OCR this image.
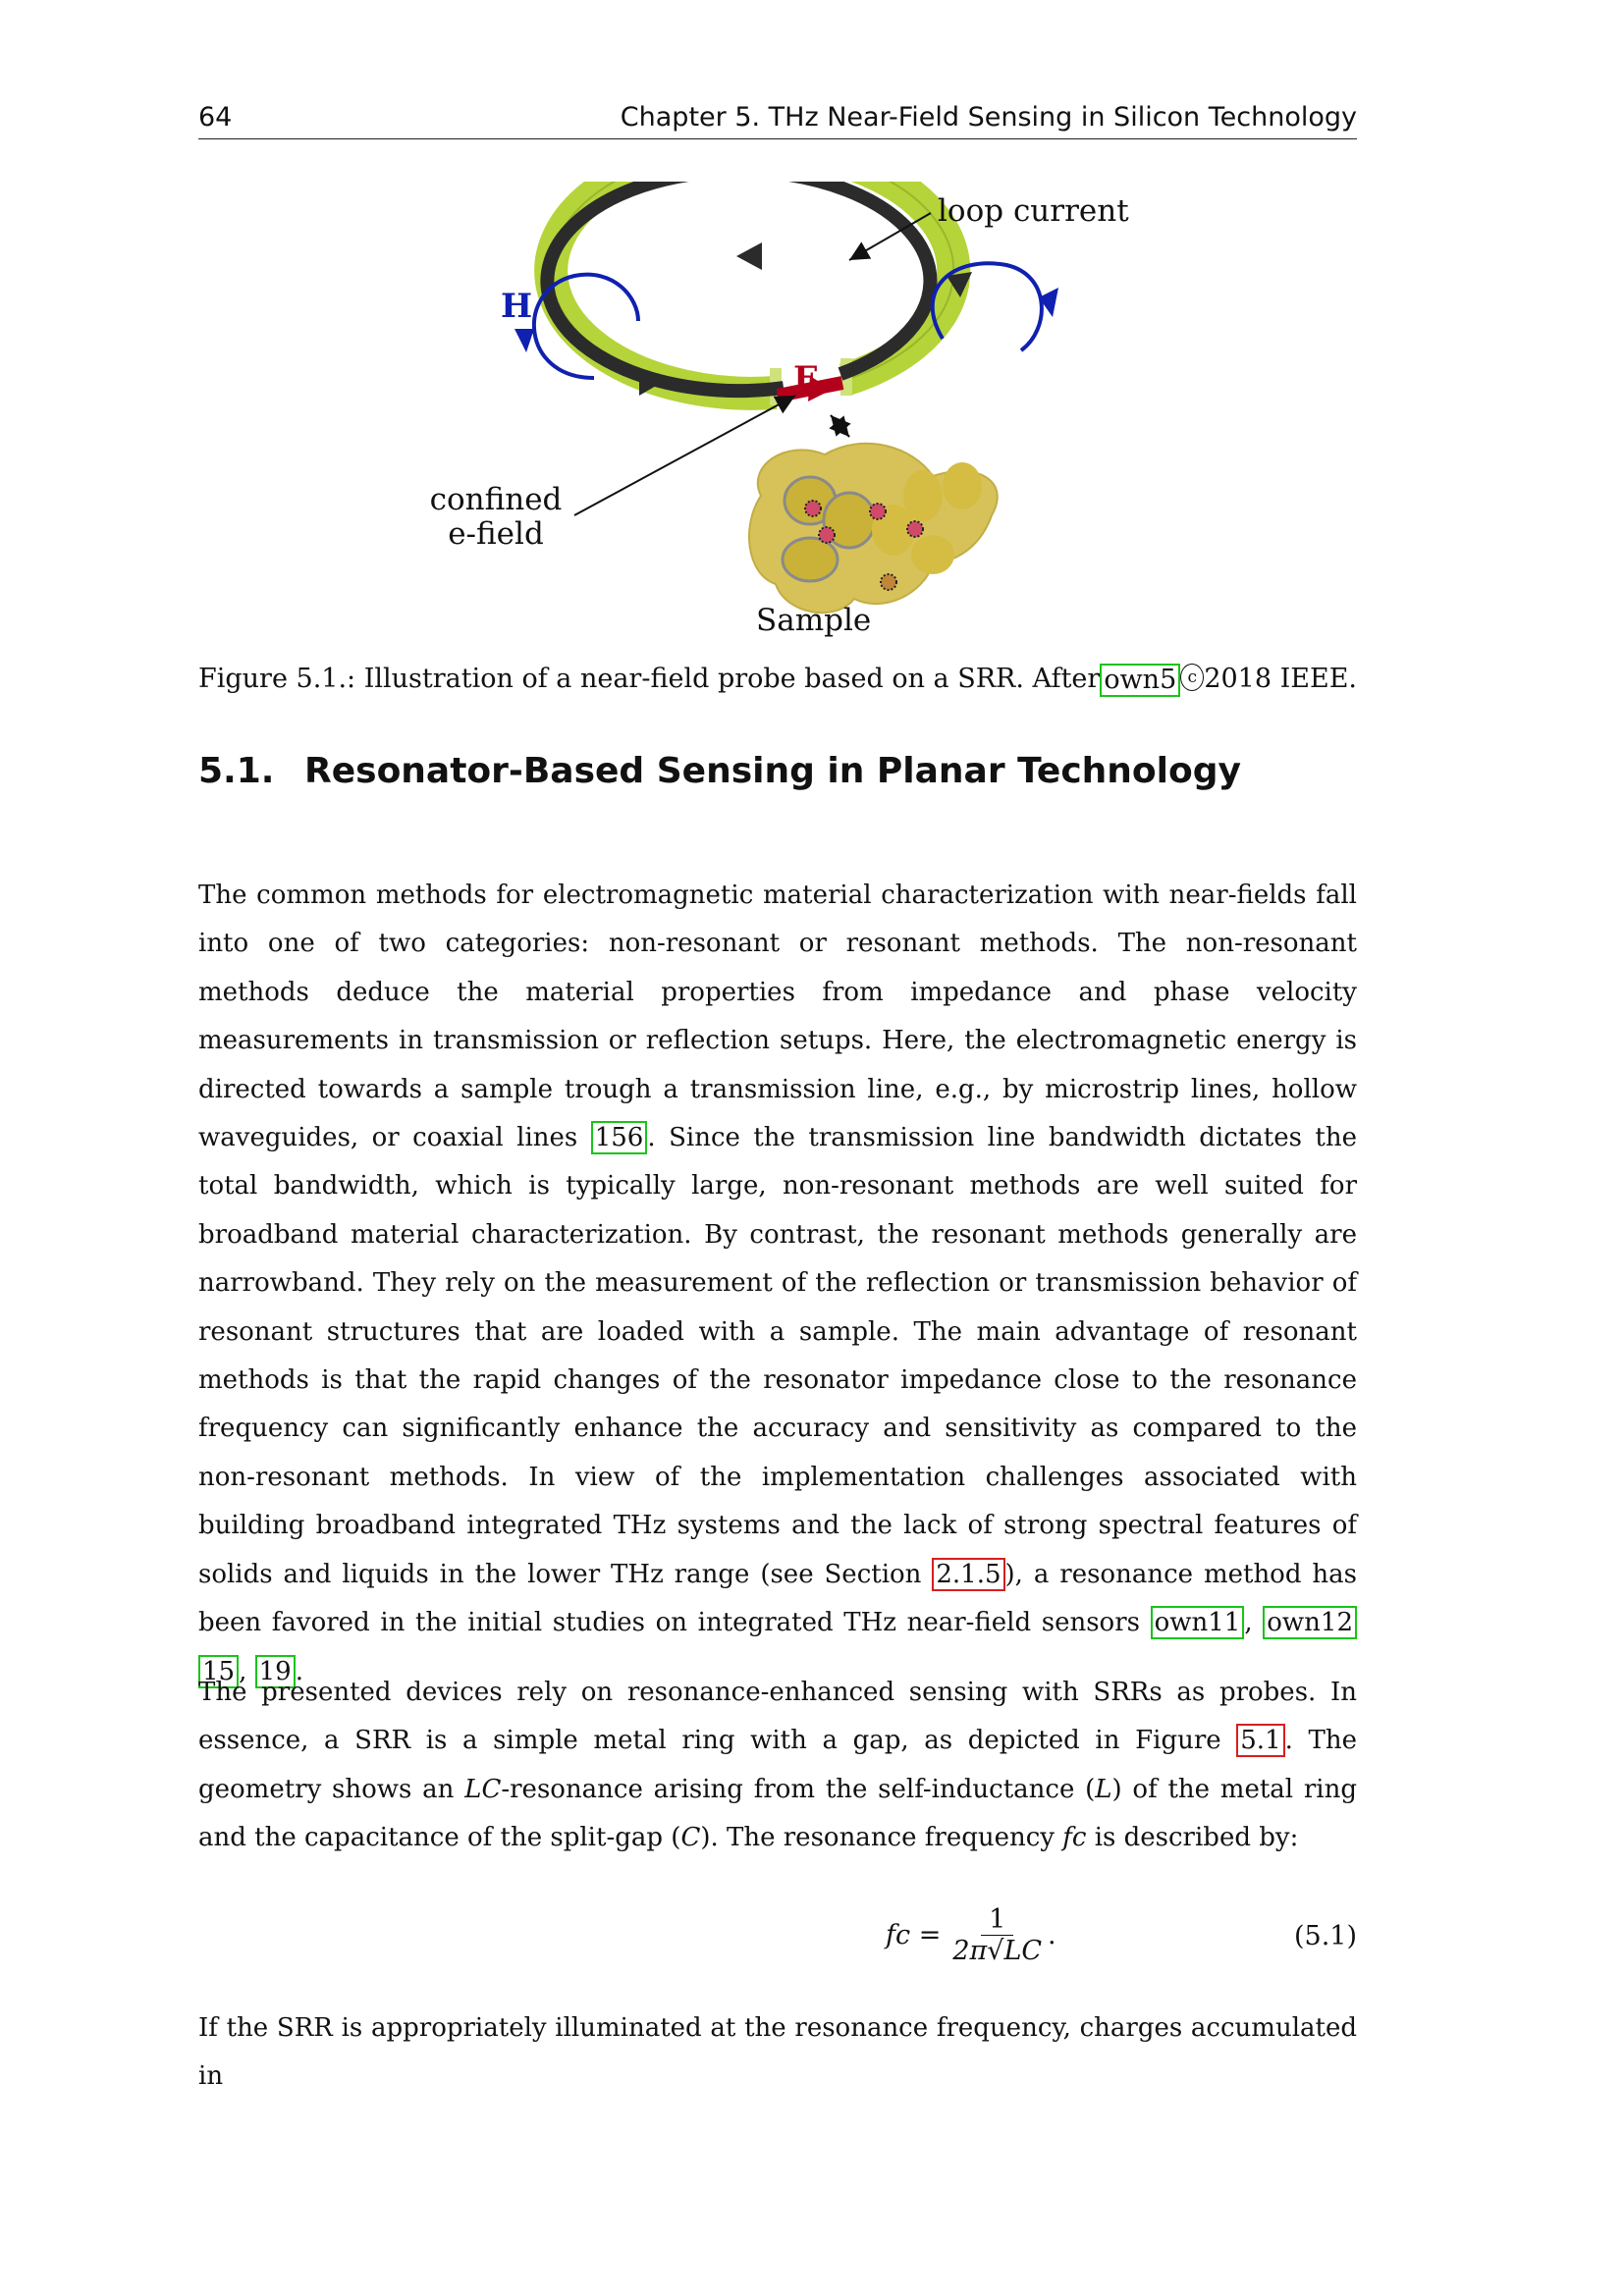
64	Chapter 5. THz Near-Field Sensing in Silicon Technology
loop current
H
E
confined
e-field
Sample
Figure 5.1.: Illustration of a near-field probe based on a SRR. After own5 c 2018 IEEE.
5.1. Resonator-Based Sensing in Planar Technology

The common methods for electromagnetic material characterization with near-fields fall into one of two categories: non-resonant or resonant methods. The non-resonant methods deduce the material properties from impedance and phase velocity measurements in transmission or reflection setups. Here, the electromagnetic energy is directed towards a sample trough a transmission line, e.g., by microstrip lines, hollow waveguides, or coaxial lines 156 . Since the transmission line bandwidth dictates the total bandwidth, which is typically large, non-resonant methods are well suited for broadband material characterization. By contrast, the resonant methods generally are narrowband. They rely on the measurement of the reflection or transmission behavior of resonant structures that are loaded with a sample. The main advantage of resonant methods is that the rapid changes of the resonator impedance close to the resonance frequency can significantly enhance the accuracy and sensitivity as compared to the non-resonant methods. In view of the implementation challenges associated with building broadband integrated THz systems and the lack of strong spectral features of solids and liquids in the lower THz range (see Section 2.1.5 ), a resonance method has been favored in the initial studies on integrated THz near-field sensors own11 , own1215 , 19 .

The presented devices rely on resonance-enhanced sensing with SRRs as probes. In essence, a SRR is a simple metal ring with a gap, as depicted in Figure 5.1 . The geometry shows an LC-resonance arising from the self-inductance (L) of the metal ring and the capacitance of the split-gap (C). The resonance frequency fc is described by:

fc = $\frac{1}{2\pi√LC}$ .	(5.1)

If the SRR is appropriately illuminated at the resonance frequency, charges accumulated in
